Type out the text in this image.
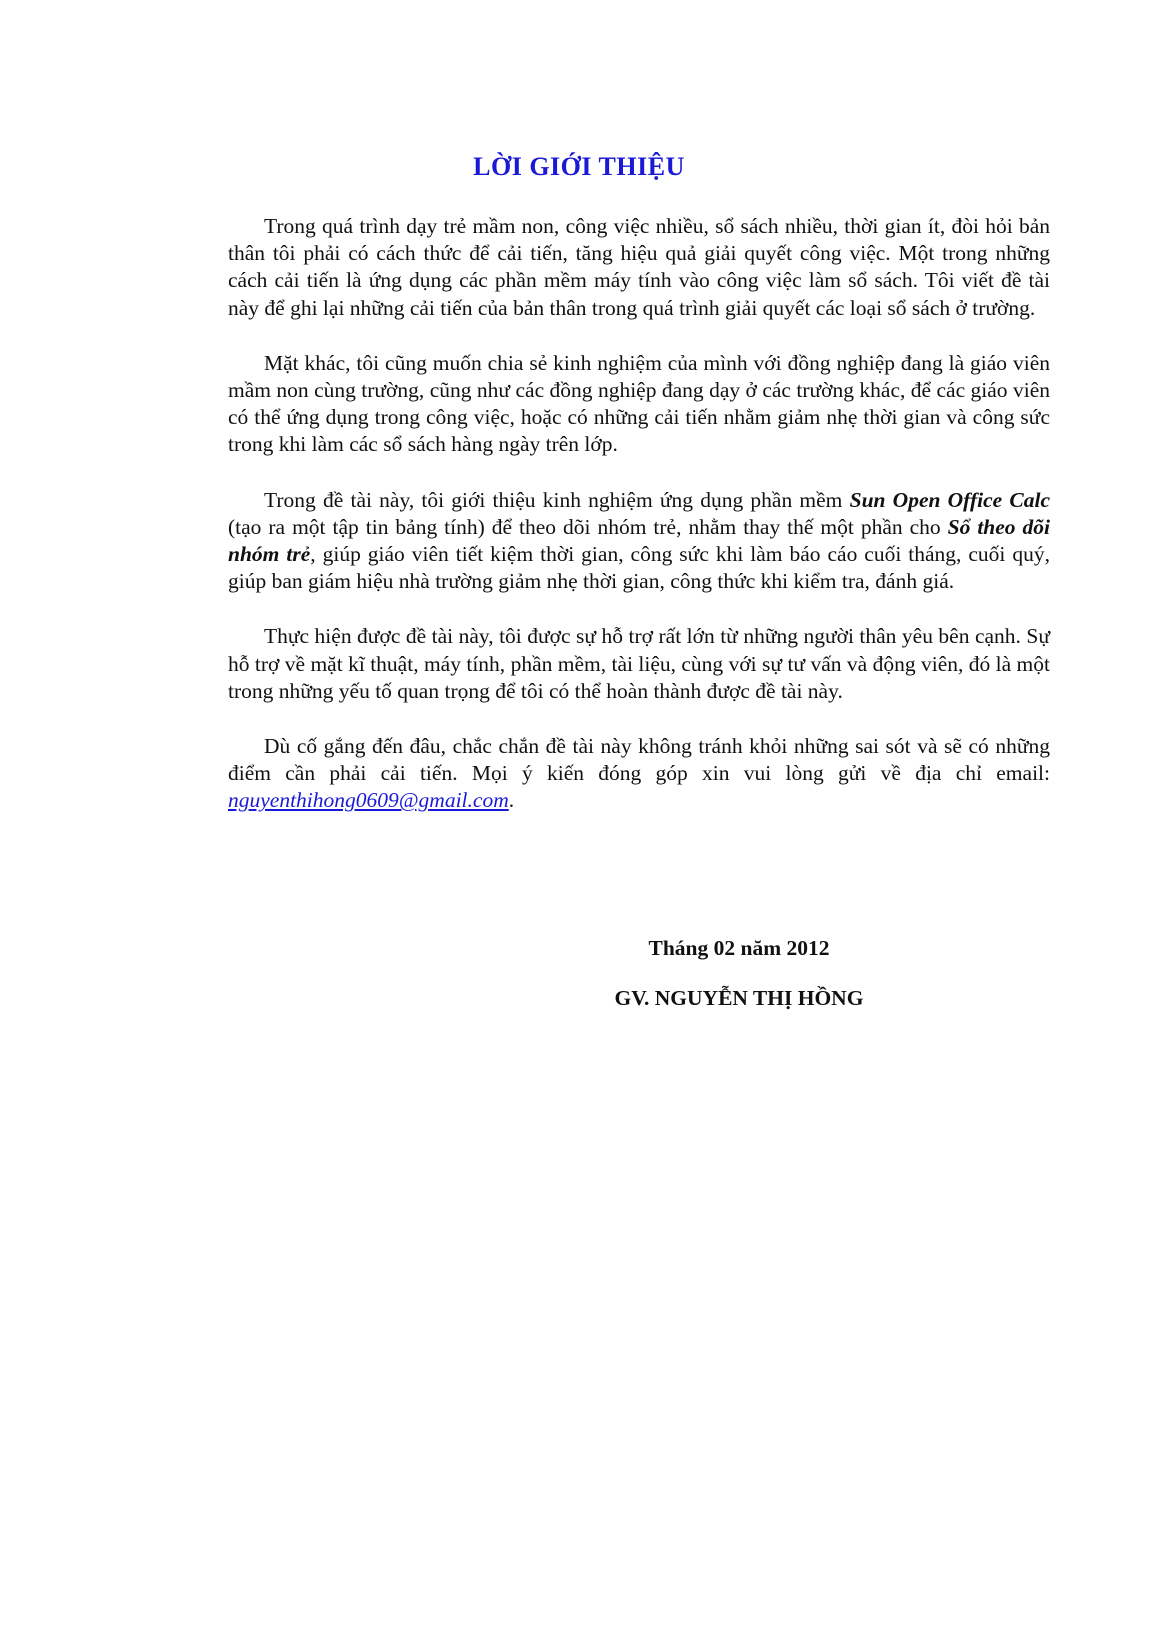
LỜI GIỚI THIỆU

Trong quá trình dạy trẻ mầm non, công việc nhiều, sổ sách nhiều, thời gian ít, đòi hỏi bản thân tôi phải có cách thức để cải tiến, tăng hiệu quả giải quyết công việc. Một trong những cách cải tiến là ứng dụng các phần mềm máy tính vào công việc làm sổ sách. Tôi viết đề tài này để ghi lại những cải tiến của bản thân trong quá trình giải quyết các loại sổ sách ở trường.

Mặt khác, tôi cũng muốn chia sẻ kinh nghiệm của mình với đồng nghiệp đang là giáo viên mầm non cùng trường, cũng như các đồng nghiệp đang dạy ở các trường khác, để các giáo viên có thể ứng dụng trong công việc, hoặc có những cải tiến nhằm giảm nhẹ thời gian và công sức trong khi làm các sổ sách hàng ngày trên lớp.

Trong đề tài này, tôi giới thiệu kinh nghiệm ứng dụng phần mềm Sun Open Office Calc (tạo ra một tập tin bảng tính) để theo dõi nhóm trẻ, nhằm thay thế một phần cho Sổ theo dõi nhóm trẻ, giúp giáo viên tiết kiệm thời gian, công sức khi làm báo cáo cuối tháng, cuối quý, giúp ban giám hiệu nhà trường giảm nhẹ thời gian, công thức khi kiểm tra, đánh giá.

Thực hiện được đề tài này, tôi được sự hỗ trợ rất lớn từ những người thân yêu bên cạnh. Sự hỗ trợ về mặt kĩ thuật, máy tính, phần mềm, tài liệu, cùng với sự tư vấn và động viên, đó là một trong những yếu tố quan trọng để tôi có thể hoàn thành được đề tài này.

Dù cố gắng đến đâu, chắc chắn đề tài này không tránh khỏi những sai sót và sẽ có những điểm cần phải cải tiến. Mọi ý kiến đóng góp xin vui lòng gửi về địa chỉ email: nguyenthihong0609@gmail.com.

Tháng 02 năm 2012
GV. NGUYỄN THỊ HỒNG
